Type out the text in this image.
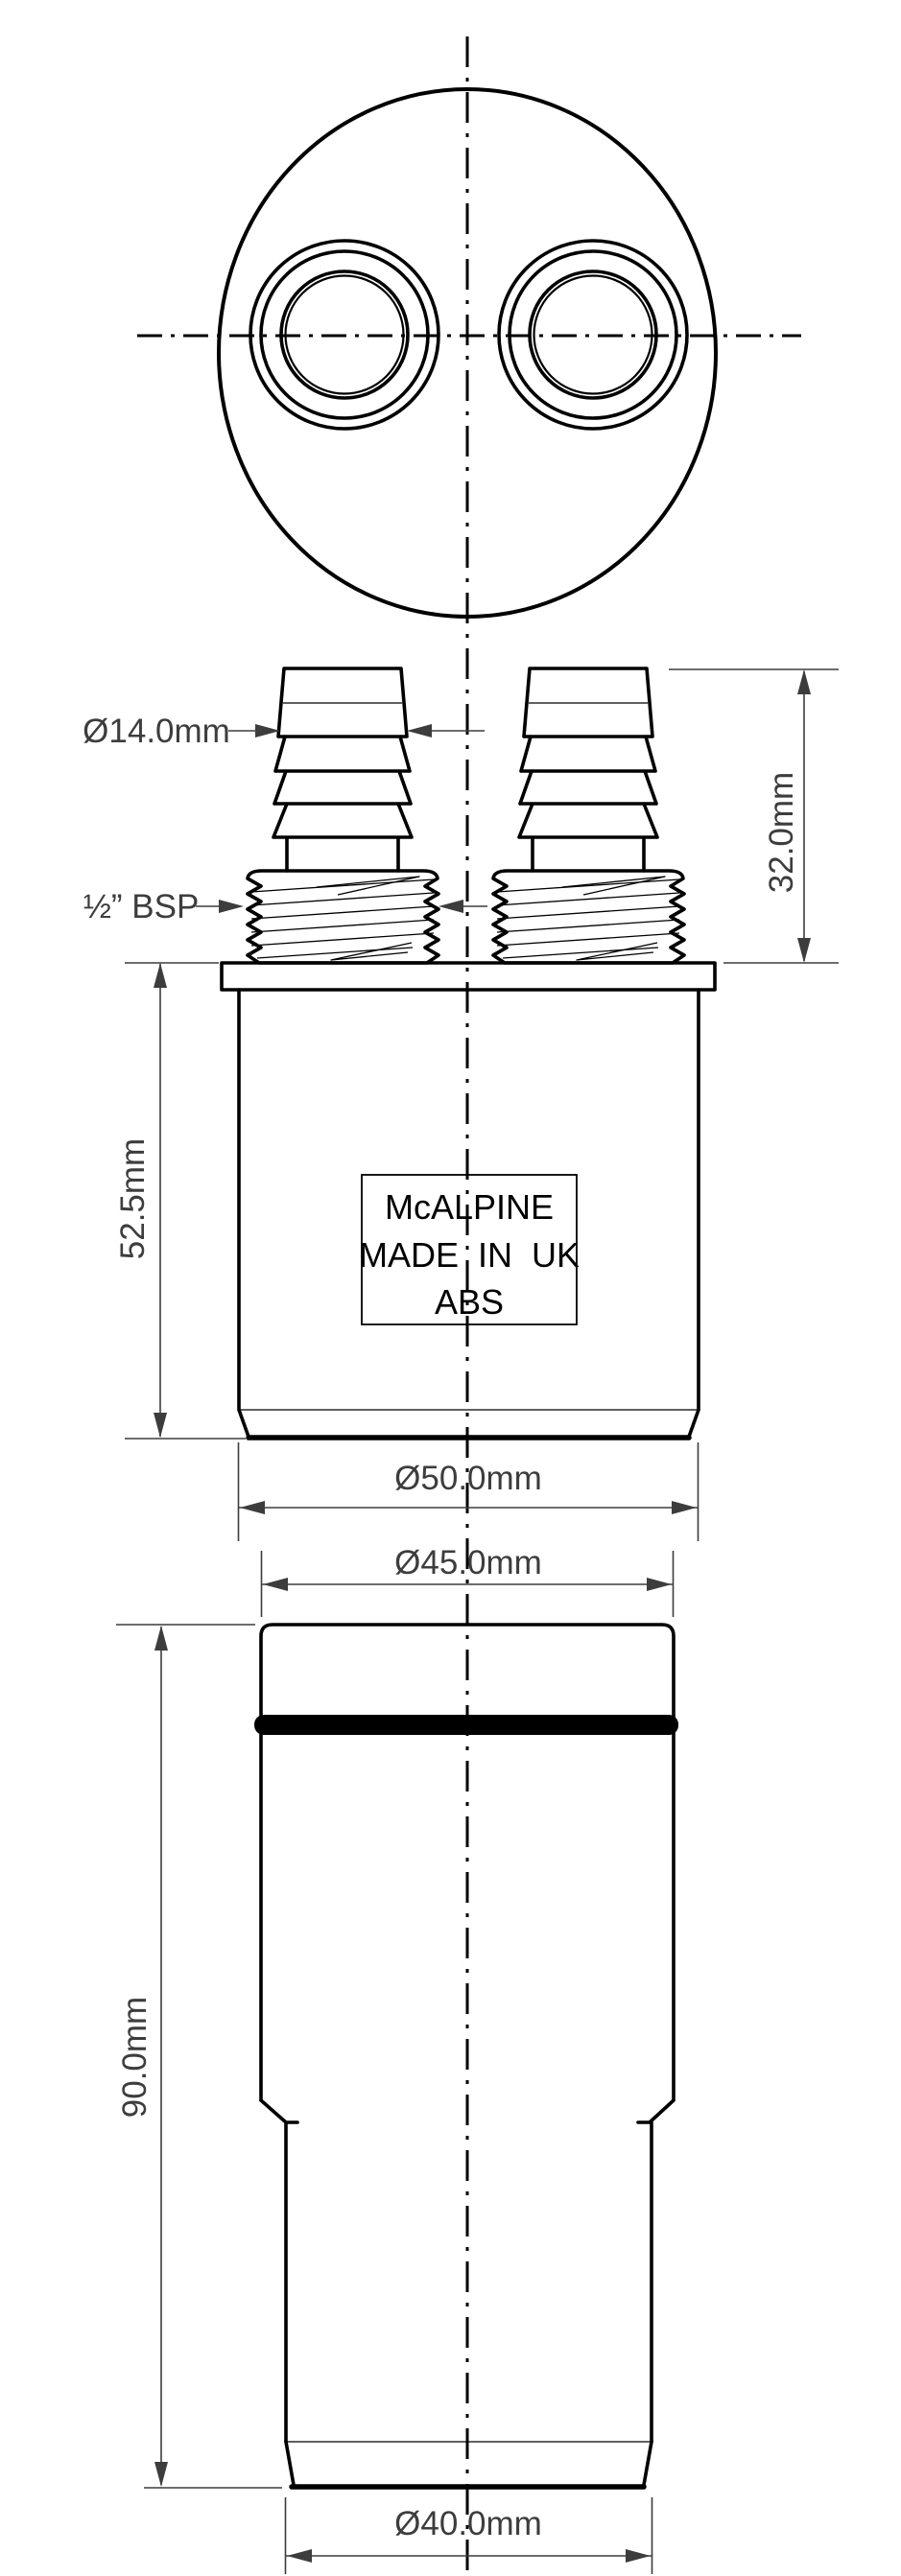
McALPINE
MADE IN UK
ABS
Ø14.0mm
½” BSP
32.0mm
52.5mm
Ø50.0mm
Ø45.0mm
90.0mm
Ø40.0mm
